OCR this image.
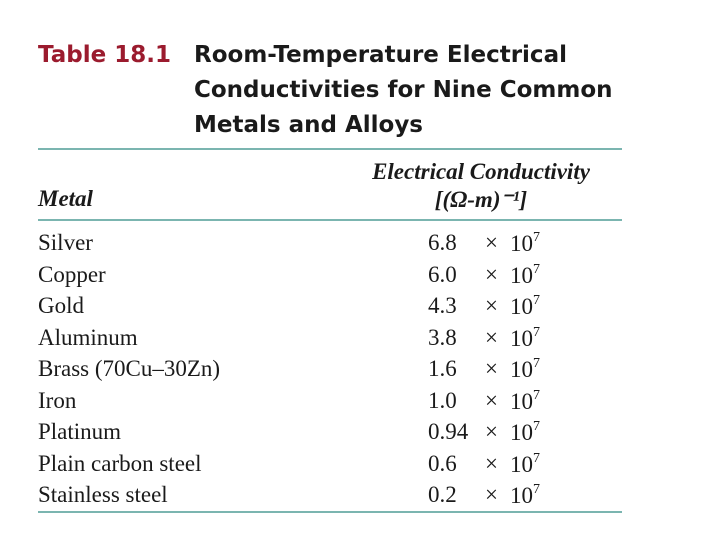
Table 18.1 Room-Temperature Electrical
Conductivities for Nine Common
Metals and Alloys
Electrical Conductivity
[(Ω-m)⁻¹]
Metal
Silver	$6.8 \times 10^7$
Copper	$6.0 \times 10^7$
Gold	$4.3 \times 10^7$
Aluminum	$3.8 \times 10^7$
Brass (70Cu–30Zn)	$1.6 \times 10^7$
Iron	$1.0 \times 10^7$
Platinum	$0.94 \times 10^7$
Plain carbon steel	$0.6 \times 10^7$
Stainless steel	$0.2 \times 10^7$
